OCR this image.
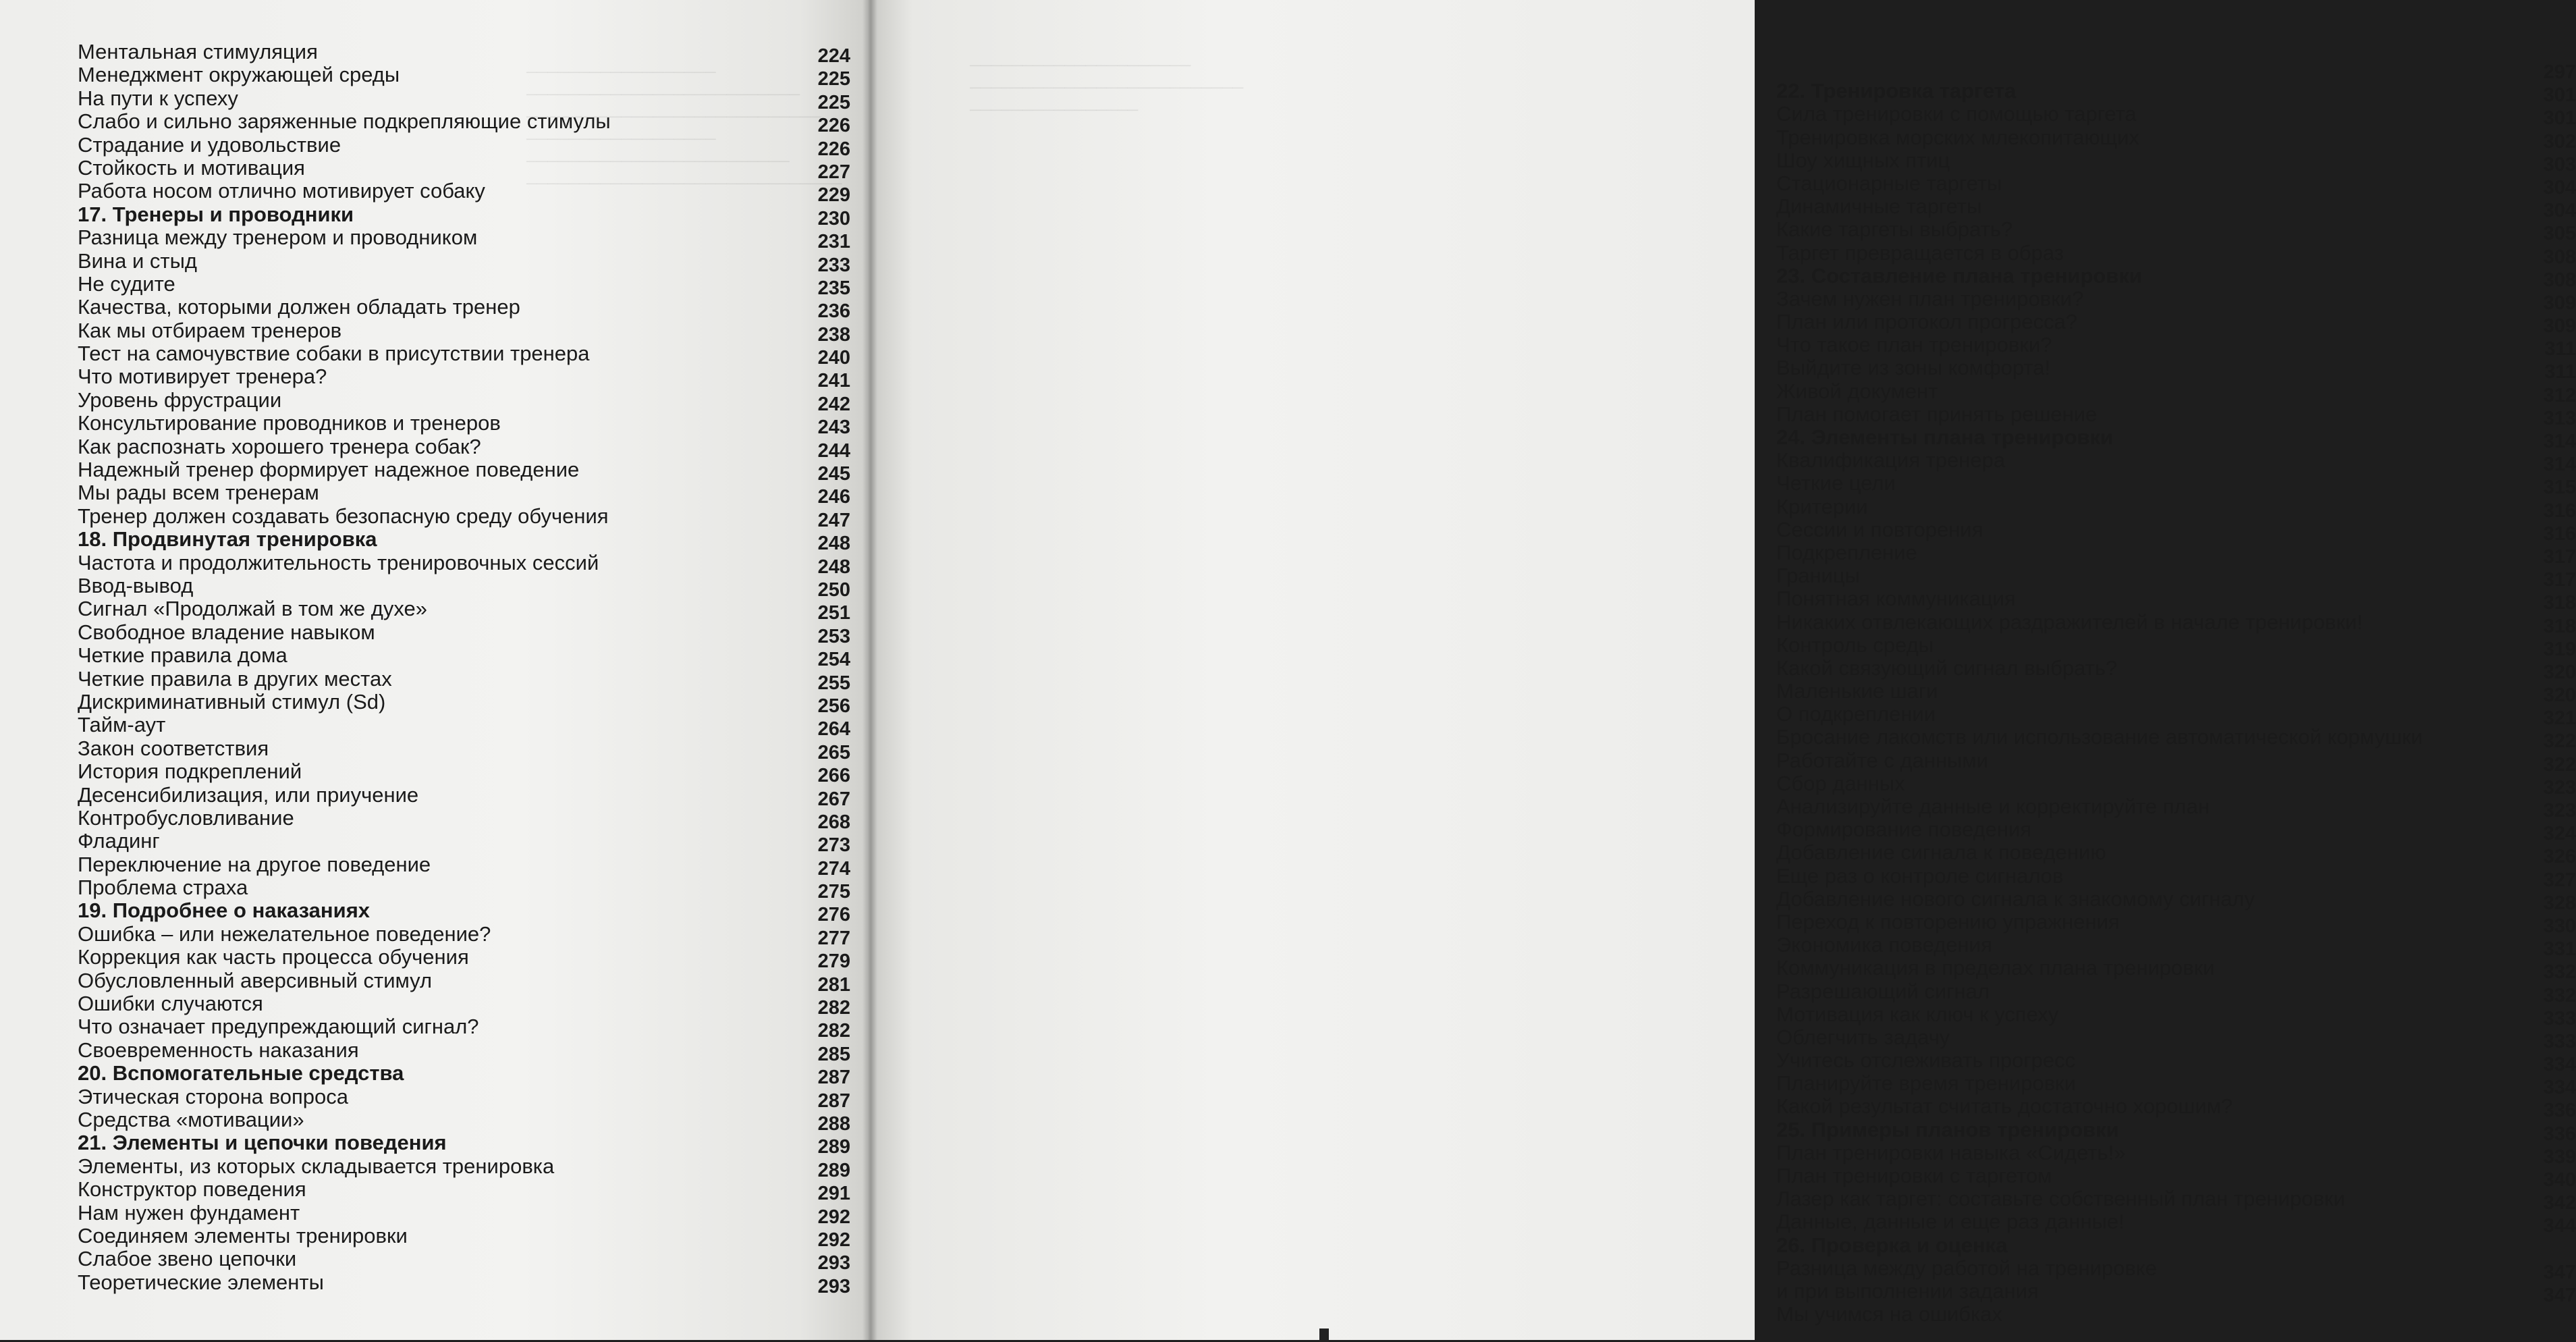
──────────────────
──────────────────────────
────────────────────────────
──────────────────
─────────────────────────
──────────────────────────────
Ментальная стимуляция	224
Менеджмент окружающей среды	225
На пути к успеху	225
Слабо и сильно заряженные подкрепляющие стимулы	226
Страдание и удовольствие	226
Стойкость и мотивация	227
Работа носом отлично мотивирует собаку	229
17. Тренеры и проводники	230
Разница между тренером и проводником	231
Вина и стыд	233
Не судите	235
Качества, которыми должен обладать тренер	236
Как мы отбираем тренеров	238
Тест на самочувствие собаки в присутствии тренера	240
Что мотивирует тренера?	241
Уровень фрустрации	242
Консультирование проводников и тренеров	243
Как распознать хорошего тренера собак?	244
Надежный тренер формирует надежное поведение	245
Мы рады всем тренерам	246
Тренер должен создавать безопасную среду обучения	247
18. Продвинутая тренировка	248
Частота и продолжительность тренировочных сессий	248
Ввод-вывод	250
Сигнал «Продолжай в том же духе»	251
Свободное владение навыком	253
Четкие правила дома	254
Четкие правила в других местах	255
Дискриминативный стимул (Sd)	256
Тайм-аут	264
Закон соответствия	265
История подкреплений	266
Десенсибилизация, или приучение	267
Контробусловливание	268
Фладинг	273
Переключение на другое поведение	274
Проблема страха	275
19. Подробнее о наказаниях	276
Ошибка – или нежелательное поведение?	277
Коррекция как часть процесса обучения	279
Обусловленный аверсивный стимул	281
Ошибки случаются	282
Что означает предупреждающий сигнал?	282
Своевременность наказания	285
20. Вспомогательные средства	287
Этическая сторона вопроса	287
Средства «мотивации»	288
21. Элементы и цепочки поведения	289
Элементы, из которых складывается тренировка	289
Конструктор поведения	291
Нам нужен фундамент	292
Соединяем элементы тренировки	292
Слабое звено цепочки	293
Теоретические элементы	293
─────────────────────
──────────────────────────
────────────────
297
22. Тренировка таргета	301
Сила тренировки с помощью таргета	301
Тренировка морских млекопитающих	302
Шоу хищных птиц	303
Стационарные таргеты	304
Динамичные таргеты	304
Какие таргеты выбрать?	305
Таргет превращается в образ	308
23. Составление плана тренировки	308
Зачем нужен план тренировки?	309
План или протокол прогресса?	309
Что такое план тренировки?	311
Выйдите из зоны комфорта!	311
Живой документ	312
План помогает принять решение	313
24. Элементы плана тренировки	314
Квалификация тренера	314
Четкие цели	315
Критерии	316
Сессии и повторения	316
Подкрепление	317
Границы	317
Понятная коммуникация	318
Никаких отвлекающих раздражителей в начале тренировки!	318
Контроль среды	319
Какой связующий сигнал выбрать?	320
Маленькие шаги	320
О подкреплении	321
Бросание лакомств или использование автоматической кормушки	322
Работайте с данными	322
Сбор данных	323
Анализируйте данные и корректируйте план	323
Формирование поведения	324
Добавление сигнала к поведению	326
Еще раз о контроле сигналов	327
Добавление нового сигнала к знакомому сигналу	328
Переход к повторению упражнения	330
Экономика поведения	331
Коммуникация в пределах плана тренировки	332
Разрешающий сигнал	332
Мотивация как ключ к успеху	333
Облегчить задачу	333
Учитесь отслеживать прогресс	334
Планируйте время тренировки	334
Какой результат считать достаточно хорошим?	336
25. Примеры планов тренировки	336
План тренировки навыка «Сидеть!»	339
План тренировки с таргетом	340
Лазер как таргет: составьте собственный план тренировки	342
Данные, данные и еще раз данные!	344
26. Проверка и оценка
Разница между работой на тренировке	347
и при выполнении задания	347
Мы учимся на ошибках
